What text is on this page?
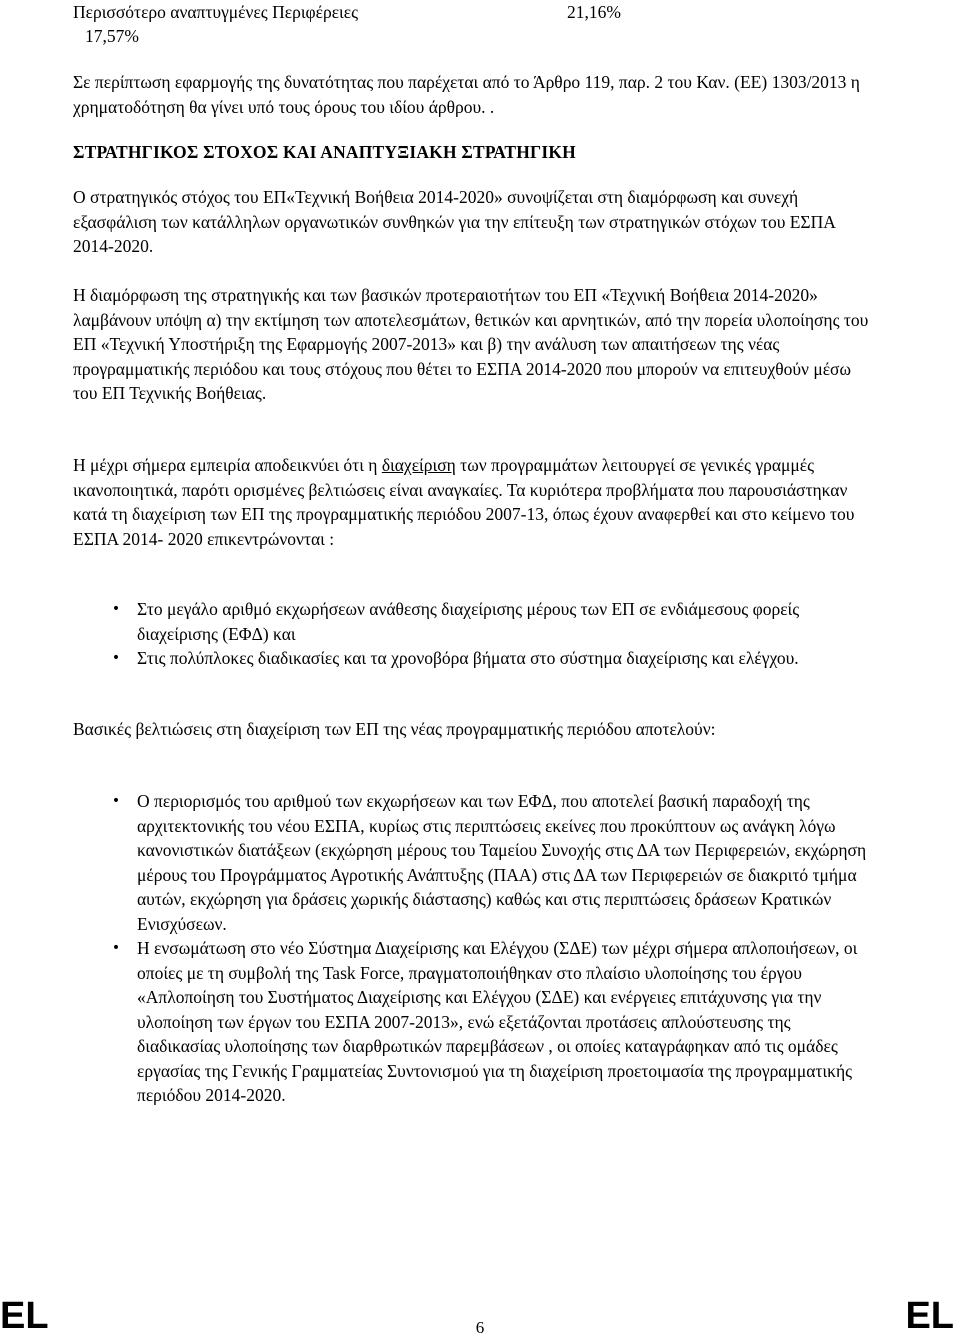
Περισσότερο αναπτυγμένες Περιφέρειες	21,16%
17,57%

Σε περίπτωση εφαρμογής της δυνατότητας που παρέχεται από το Άρθρο 119, παρ. 2 του Καν. (ΕΕ) 1303/2013 η χρηματοδότηση θα γίνει υπό τους όρους του ιδίου άρθρου. .

ΣΤΡΑΤΗΓΙΚΟΣ ΣΤΟΧΟΣ ΚΑΙ ΑΝΑΠΤΥΞΙΑΚΗ ΣΤΡΑΤΗΓΙΚΗ

Ο στρατηγικός στόχος του ΕΠ«Τεχνική Βοήθεια 2014-2020» συνοψίζεται στη διαμόρφωση και συνεχή εξασφάλιση των κατάλληλων οργανωτικών συνθηκών για την επίτευξη των στρατηγικών στόχων του ΕΣΠΑ 2014-2020.

Η διαμόρφωση της στρατηγικής και των βασικών προτεραιοτήτων του ΕΠ «Τεχνική Βοήθεια 2014-2020» λαμβάνουν υπόψη α) την εκτίμηση των αποτελεσμάτων, θετικών και αρνητικών, από την πορεία υλοποίησης του ΕΠ «Τεχνική Υποστήριξη της Εφαρμογής 2007-2013» και β) την ανάλυση των απαιτήσεων της νέας προγραμματικής περιόδου και τους στόχους που θέτει το ΕΣΠΑ 2014-2020 που μπορούν να επιτευχθούν μέσω του ΕΠ Τεχνικής Βοήθειας.

Η μέχρι σήμερα εμπειρία αποδεικνύει ότι η διαχείριση των προγραμμάτων λειτουργεί σε γενικές γραμμές ικανοποιητικά, παρότι ορισμένες βελτιώσεις είναι αναγκαίες. Τα κυριότερα προβλήματα που παρουσιάστηκαν κατά τη διαχείριση των ΕΠ της προγραμματικής περιόδου 2007-13, όπως έχουν αναφερθεί και στο κείμενο του ΕΣΠΑ 2014- 2020 επικεντρώνονται :

• Στο μεγάλο αριθμό εκχωρήσεων ανάθεσης διαχείρισης μέρους των ΕΠ σε ενδιάμεσους φορείς διαχείρισης (ΕΦΔ) και
• Στις πολύπλοκες διαδικασίες και τα χρονοβόρα βήματα στο σύστημα διαχείρισης και ελέγχου.

Βασικές βελτιώσεις στη διαχείριση των ΕΠ της νέας προγραμματικής περιόδου αποτελούν:

• Ο περιορισμός του αριθμού των εκχωρήσεων και των ΕΦΔ, που αποτελεί βασική παραδοχή της αρχιτεκτονικής του νέου ΕΣΠΑ, κυρίως στις περιπτώσεις εκείνες που προκύπτουν ως ανάγκη λόγω κανονιστικών διατάξεων (εκχώρηση μέρους του Ταμείου Συνοχής στις ΔΑ των Περιφερειών, εκχώρηση μέρους του Προγράμματος Αγροτικής Ανάπτυξης (ΠΑΑ) στις ΔΑ των Περιφερειών σε διακριτό τμήμα αυτών, εκχώρηση για δράσεις χωρικής διάστασης) καθώς και στις περιπτώσεις δράσεων Κρατικών Ενισχύσεων.
• Η ενσωμάτωση στο νέο Σύστημα Διαχείρισης και Ελέγχου (ΣΔΕ) των μέχρι σήμερα απλοποιήσεων, οι οποίες με τη συμβολή της Task Force, πραγματοποιήθηκαν στο πλαίσιο υλοποίησης του έργου «Απλοποίηση του Συστήματος Διαχείρισης και Ελέγχου (ΣΔΕ) και ενέργειες επιτάχυνσης για την υλοποίηση των έργων του ΕΣΠΑ 2007-2013», ενώ εξετάζονται προτάσεις απλούστευσης της διαδικασίας υλοποίησης των διαρθρωτικών παρεμβάσεων , οι οποίες καταγράφηκαν από τις ομάδες εργασίας της Γενικής Γραμματείας Συντονισμού για τη διαχείριση προετοιμασία της προγραμματικής περιόδου 2014-2020.
EL	6	EL
